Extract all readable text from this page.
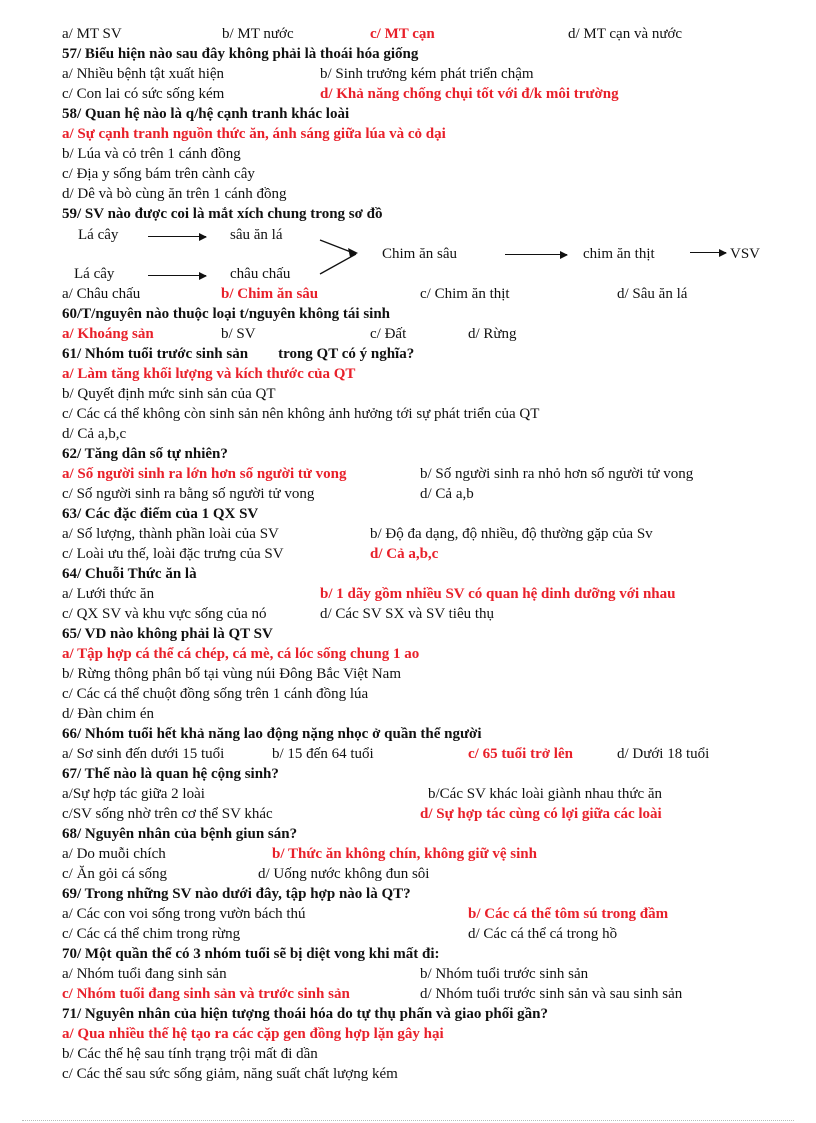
a/ MT SV	b/ MT nước	c/ MT cạn	d/ MT cạn và nước
57/ Biểu hiện nào sau đây không phải là thoái hóa giống
a/ Nhiều bệnh tật xuất hiện	b/ Sinh trưởng kém phát triển chậm
c/ Con lai có sức sống kém	d/ Khả năng chống chụi tốt với đ/k môi trường
58/ Quan hệ nào là q/hệ cạnh tranh khác loài
a/ Sự cạnh tranh nguồn thức ăn, ánh sáng giữa lúa và cỏ dại
b/ Lúa và cỏ trên 1 cánh đồng
c/ Địa y sống bám trên cành cây
d/ Dê và bò cùng ăn trên 1 cánh đồng
59/ SV nào được coi là mắt xích chung trong sơ đồ
Lá cây	sâu ăn lá
Chim ăn sâu	chim ăn thịt	VSV
Lá cây	châu chấu
a/ Châu chấu	b/ Chim ăn sâu	c/ Chim ăn thịt	d/ Sâu ăn lá
60/T/nguyên nào thuộc loại t/nguyên không tái sinh
a/ Khoáng sản	b/ SV	c/ Đất	d/ Rừng
61/ Nhóm tuổi trước sinh sản        trong QT có ý nghĩa?
a/ Làm tăng khối lượng và kích thước của QT
b/ Quyết định mức sinh sản của QT
c/ Các cá thể không còn sinh sản nên không ảnh hưởng tới sự phát triển của QT
d/ Cả a,b,c
62/ Tăng dân số tự nhiên?
a/ Số người sinh ra lớn hơn số người tử vong	b/ Số người sinh ra nhỏ hơn số người tử vong
c/ Số người sinh ra bằng số người tử vong	d/ Cả a,b
63/ Các đặc điểm của 1 QX SV
a/ Số lượng, thành phần loài của SV	b/ Độ đa dạng, độ nhiều, độ thường gặp của Sv
c/ Loài ưu thế, loài đặc trưng của SV	d/ Cả a,b,c
64/ Chuỗi Thức ăn là
a/ Lưới thức ăn	b/ 1 dãy gồm nhiều SV có quan hệ dinh dưỡng với nhau
c/ QX SV và khu vực sống của nó	d/ Các SV SX và SV tiêu thụ
65/ VD nào không phải là QT SV
a/ Tập hợp cá thể cá chép, cá mè, cá lóc sống chung 1 ao
b/ Rừng thông phân bố tại vùng núi Đông Bắc Việt Nam
c/ Các cá thể chuột đồng sống trên 1 cánh đồng lúa
d/ Đàn chim én
66/ Nhóm tuổi hết khả năng lao động nặng nhọc ở quần thể người
a/ Sơ sinh đến dưới 15 tuổi	b/ 15 đến 64 tuổi	c/ 65 tuổi trở lên	d/ Dưới 18 tuổi
67/ Thế nào là quan hệ cộng sinh?
a/Sự hợp tác giữa 2 loài	b/Các SV khác loài giành nhau thức ăn
c/SV sống nhờ trên cơ thể SV khác	d/ Sự hợp tác cùng có lợi giữa các loài
68/ Nguyên nhân của bệnh giun sán?
a/ Do muỗi chích	b/ Thức ăn không chín, không giữ vệ sinh
c/ Ăn gỏi cá sống	d/ Uống nước không đun sôi
69/ Trong những SV nào dưới đây, tập hợp nào là QT?
a/ Các con voi sống trong vườn bách thú	b/ Các cá thể tôm sú trong đầm
c/ Các cá thể chim trong rừng	d/ Các cá thể cá trong hồ
70/ Một quần thể có 3 nhóm tuổi sẽ bị diệt vong khi mất đi:
a/ Nhóm tuổi đang sinh sản	b/ Nhóm tuổi trước sinh sản
c/ Nhóm tuổi đang sinh sản và trước sinh sản	d/ Nhóm tuổi trước sinh sản và sau sinh sản
71/ Nguyên nhân của hiện tượng thoái hóa do tự thụ phấn và giao phối gần?
a/ Qua nhiều thế hệ tạo ra các cặp gen đồng hợp lặn gây hại
b/ Các thế hệ sau tính trạng trội mất đi dần
c/ Các thế sau sức sống giảm, năng suất chất lượng kém
